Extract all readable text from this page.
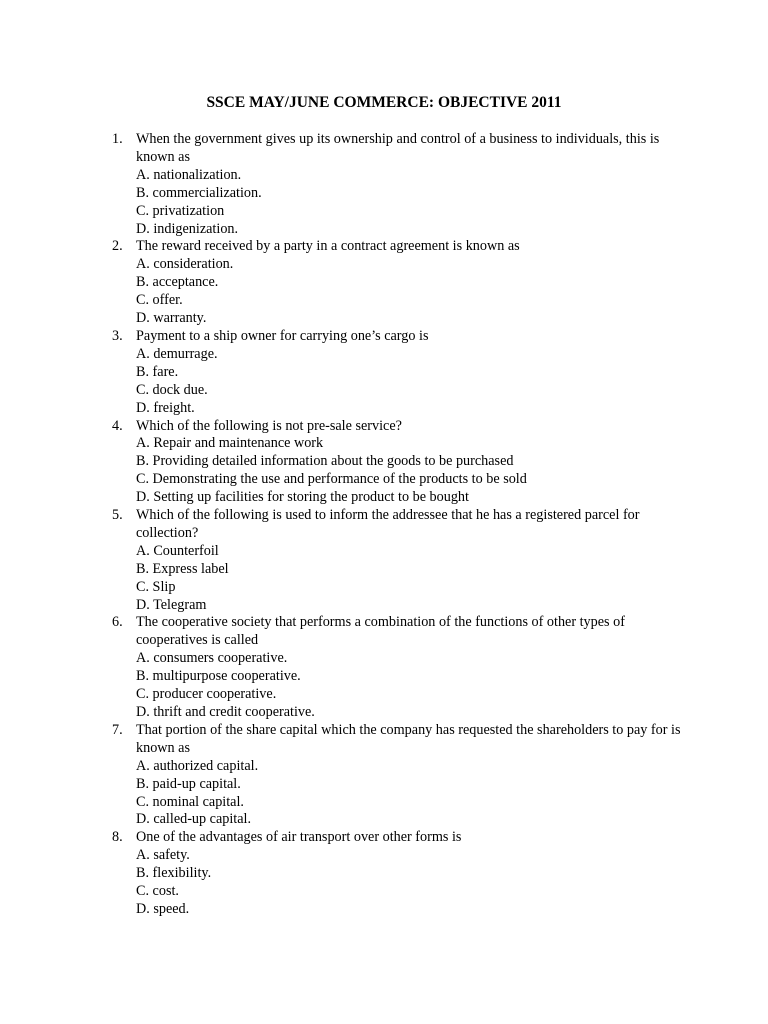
SSCE MAY/JUNE COMMERCE: OBJECTIVE 2011
1. When the government gives up its ownership and control of a business to individuals, this is known as
A. nationalization.
B. commercialization.
C. privatization
D. indigenization.
2. The reward received by a party in a contract agreement is known as
A. consideration.
B. acceptance.
C. offer.
D. warranty.
3. Payment to a ship owner for carrying one’s cargo is
A. demurrage.
B. fare.
C. dock due.
D. freight.
4. Which of the following is not pre-sale service?
A. Repair and maintenance work
B. Providing detailed information about the goods to be purchased
C. Demonstrating the use and performance of the products to be sold
D. Setting up facilities for storing the product to be bought
5. Which of the following is used to inform the addressee that he has a registered parcel for collection?
A. Counterfoil
B. Express label
C. Slip
D. Telegram
6. The cooperative society that performs a combination of the functions of other types of cooperatives is called
A. consumers cooperative.
B. multipurpose cooperative.
C. producer cooperative.
D. thrift and credit cooperative.
7. That portion of the share capital which the company has requested the shareholders to pay for is known as
A. authorized capital.
B. paid-up capital.
C. nominal capital.
D. called-up capital.
8. One of the advantages of air transport over other forms is
A. safety.
B. flexibility.
C. cost.
D. speed.
